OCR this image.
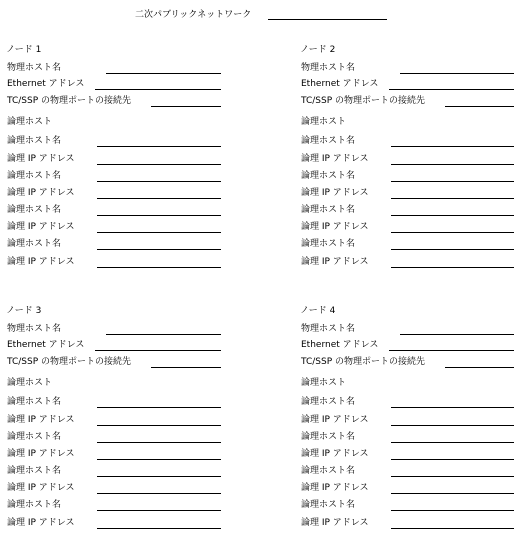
二次パブリックネットワーク
ノード 1
物理ホスト名
Ethernet アドレス
TC/SSP の物理ポートの接続先
論理ホスト
論理ホスト名
論理 IP アドレス
論理ホスト名
論理 IP アドレス
論理ホスト名
論理 IP アドレス
論理ホスト名
論理 IP アドレス
ノード 2
物理ホスト名
Ethernet アドレス
TC/SSP の物理ポートの接続先
論理ホスト
論理ホスト名
論理 IP アドレス
論理ホスト名
論理 IP アドレス
論理ホスト名
論理 IP アドレス
論理ホスト名
論理 IP アドレス
ノード 3
物理ホスト名
Ethernet アドレス
TC/SSP の物理ポートの接続先
論理ホスト
論理ホスト名
論理 IP アドレス
論理ホスト名
論理 IP アドレス
論理ホスト名
論理 IP アドレス
論理ホスト名
論理 IP アドレス
ノード 4
物理ホスト名
Ethernet アドレス
TC/SSP の物理ポートの接続先
論理ホスト
論理ホスト名
論理 IP アドレス
論理ホスト名
論理 IP アドレス
論理ホスト名
論理 IP アドレス
論理ホスト名
論理 IP アドレス
